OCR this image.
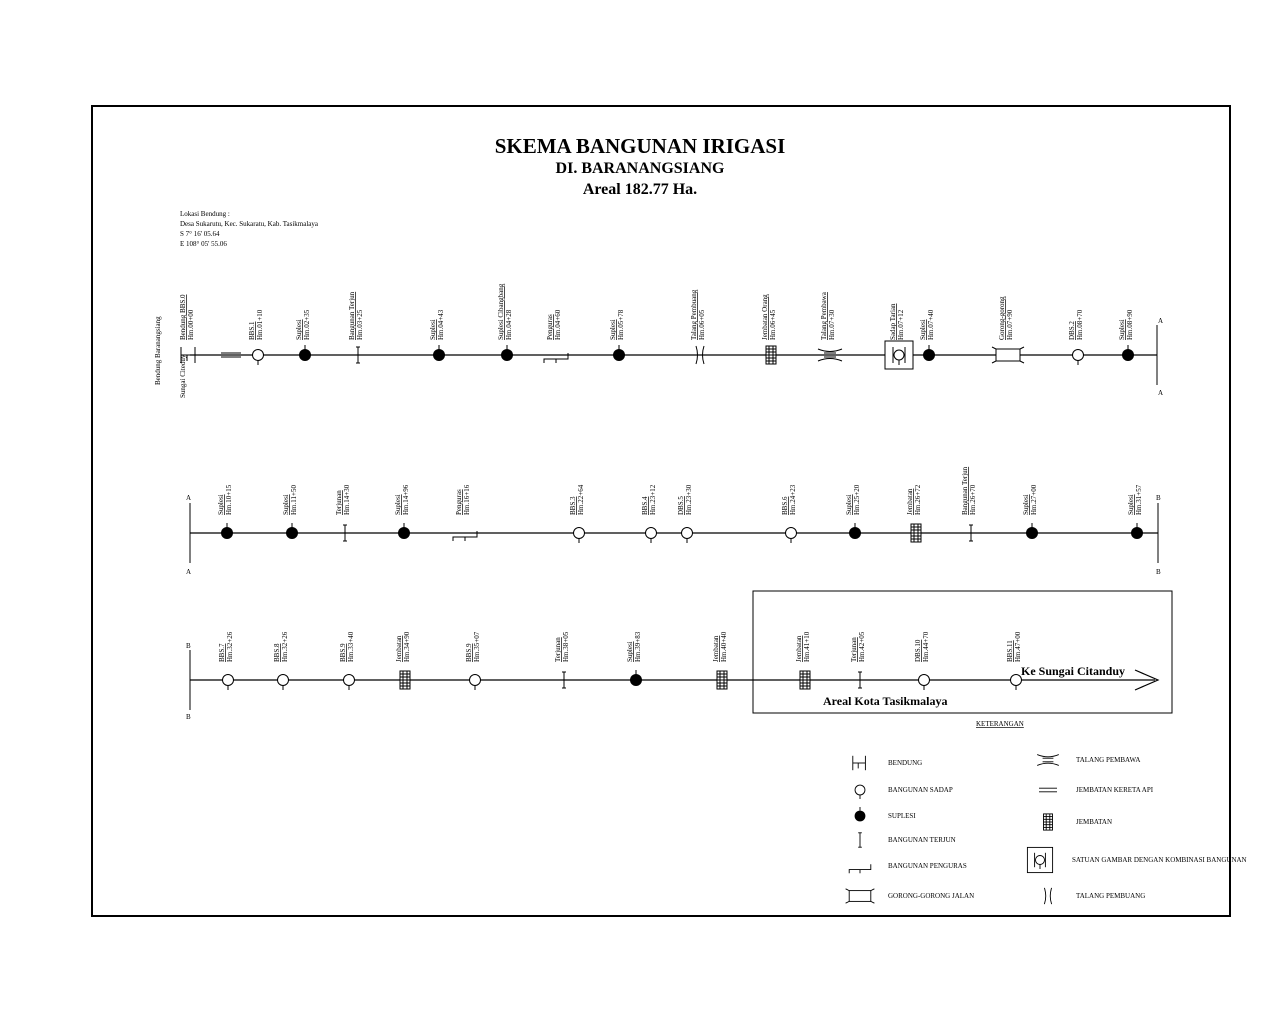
SKEMA BANGUNAN IRIGASI
DI. BARANANGSIANG
Areal 182.77 Ha.
Lokasi Bendung :
Desa Sukarutu, Kec. Sukaratu, Kab. Tasikmalaya
S 7° 16' 05.64
E 108° 05' 55.06
A
A
Bendung Baranangsiang Sungai Citeduy
Bendung BBS.0Hm.00+00	BBS.1Hm.01+10	SuplesiHm.02+35	Bangunan TerjunHm.03+25	SuplesiHm.04+43	Suplesi CibangbangHm.04+28	PengurasHm.04+60	SuplesiHm.05+78	Talang PembuangHm.06+05	Jembatan OrangHm.06+45	Talang PembawaHm.07+30	Sadap TarianHm.07+12 SuplesiHm.07+40	Gorong-gorongHm.07+90	DBS.2Hm.08+70	SuplesiHm.08+90
A
A
B
B
SuplesiHm.10+15	SuplesiHm.11+50	TerjunanHm.14+30	SuplesiHm.14+96	PengurasHm.16+16	BBS.3Hm.22+64	BBS.4Hm.23+12	DBS.5Hm.23+30	BBS.6Hm.24+23	SuplesiHm.25+20	JembatanHm.26+72	Bangunan TerjunHm.26+70	SuplesiHm.27+00	SuplesiHm.31+57
B
B
Ke Sungai Citanduy
Areal Kota Tasikmalaya
BBS.7Hm.32+26	BBS.8Hm.32+26	BBS.9Hm.33+40	JembatanHm.34+90	BBS.9Hm.35+07	TerjunanHm.38+05	SuplesiHm.39+83	JembatanHm.40+40	JembatanHm.41+10	TerjunanHm.42+05	DBS.10Hm.44+70	BBS.11Hm.47+00
KETERANGAN
BENDUNG
BANGUNAN SADAP
SUPLESI
BANGUNAN TERJUN
BANGUNAN PENGURAS
GORONG-GORONG JALAN
TALANG PEMBAWA
JEMBATAN KERETA API
JEMBATAN
SATUAN GAMBAR DENGAN KOMBINASI BANGUNAN
TALANG PEMBUANG
